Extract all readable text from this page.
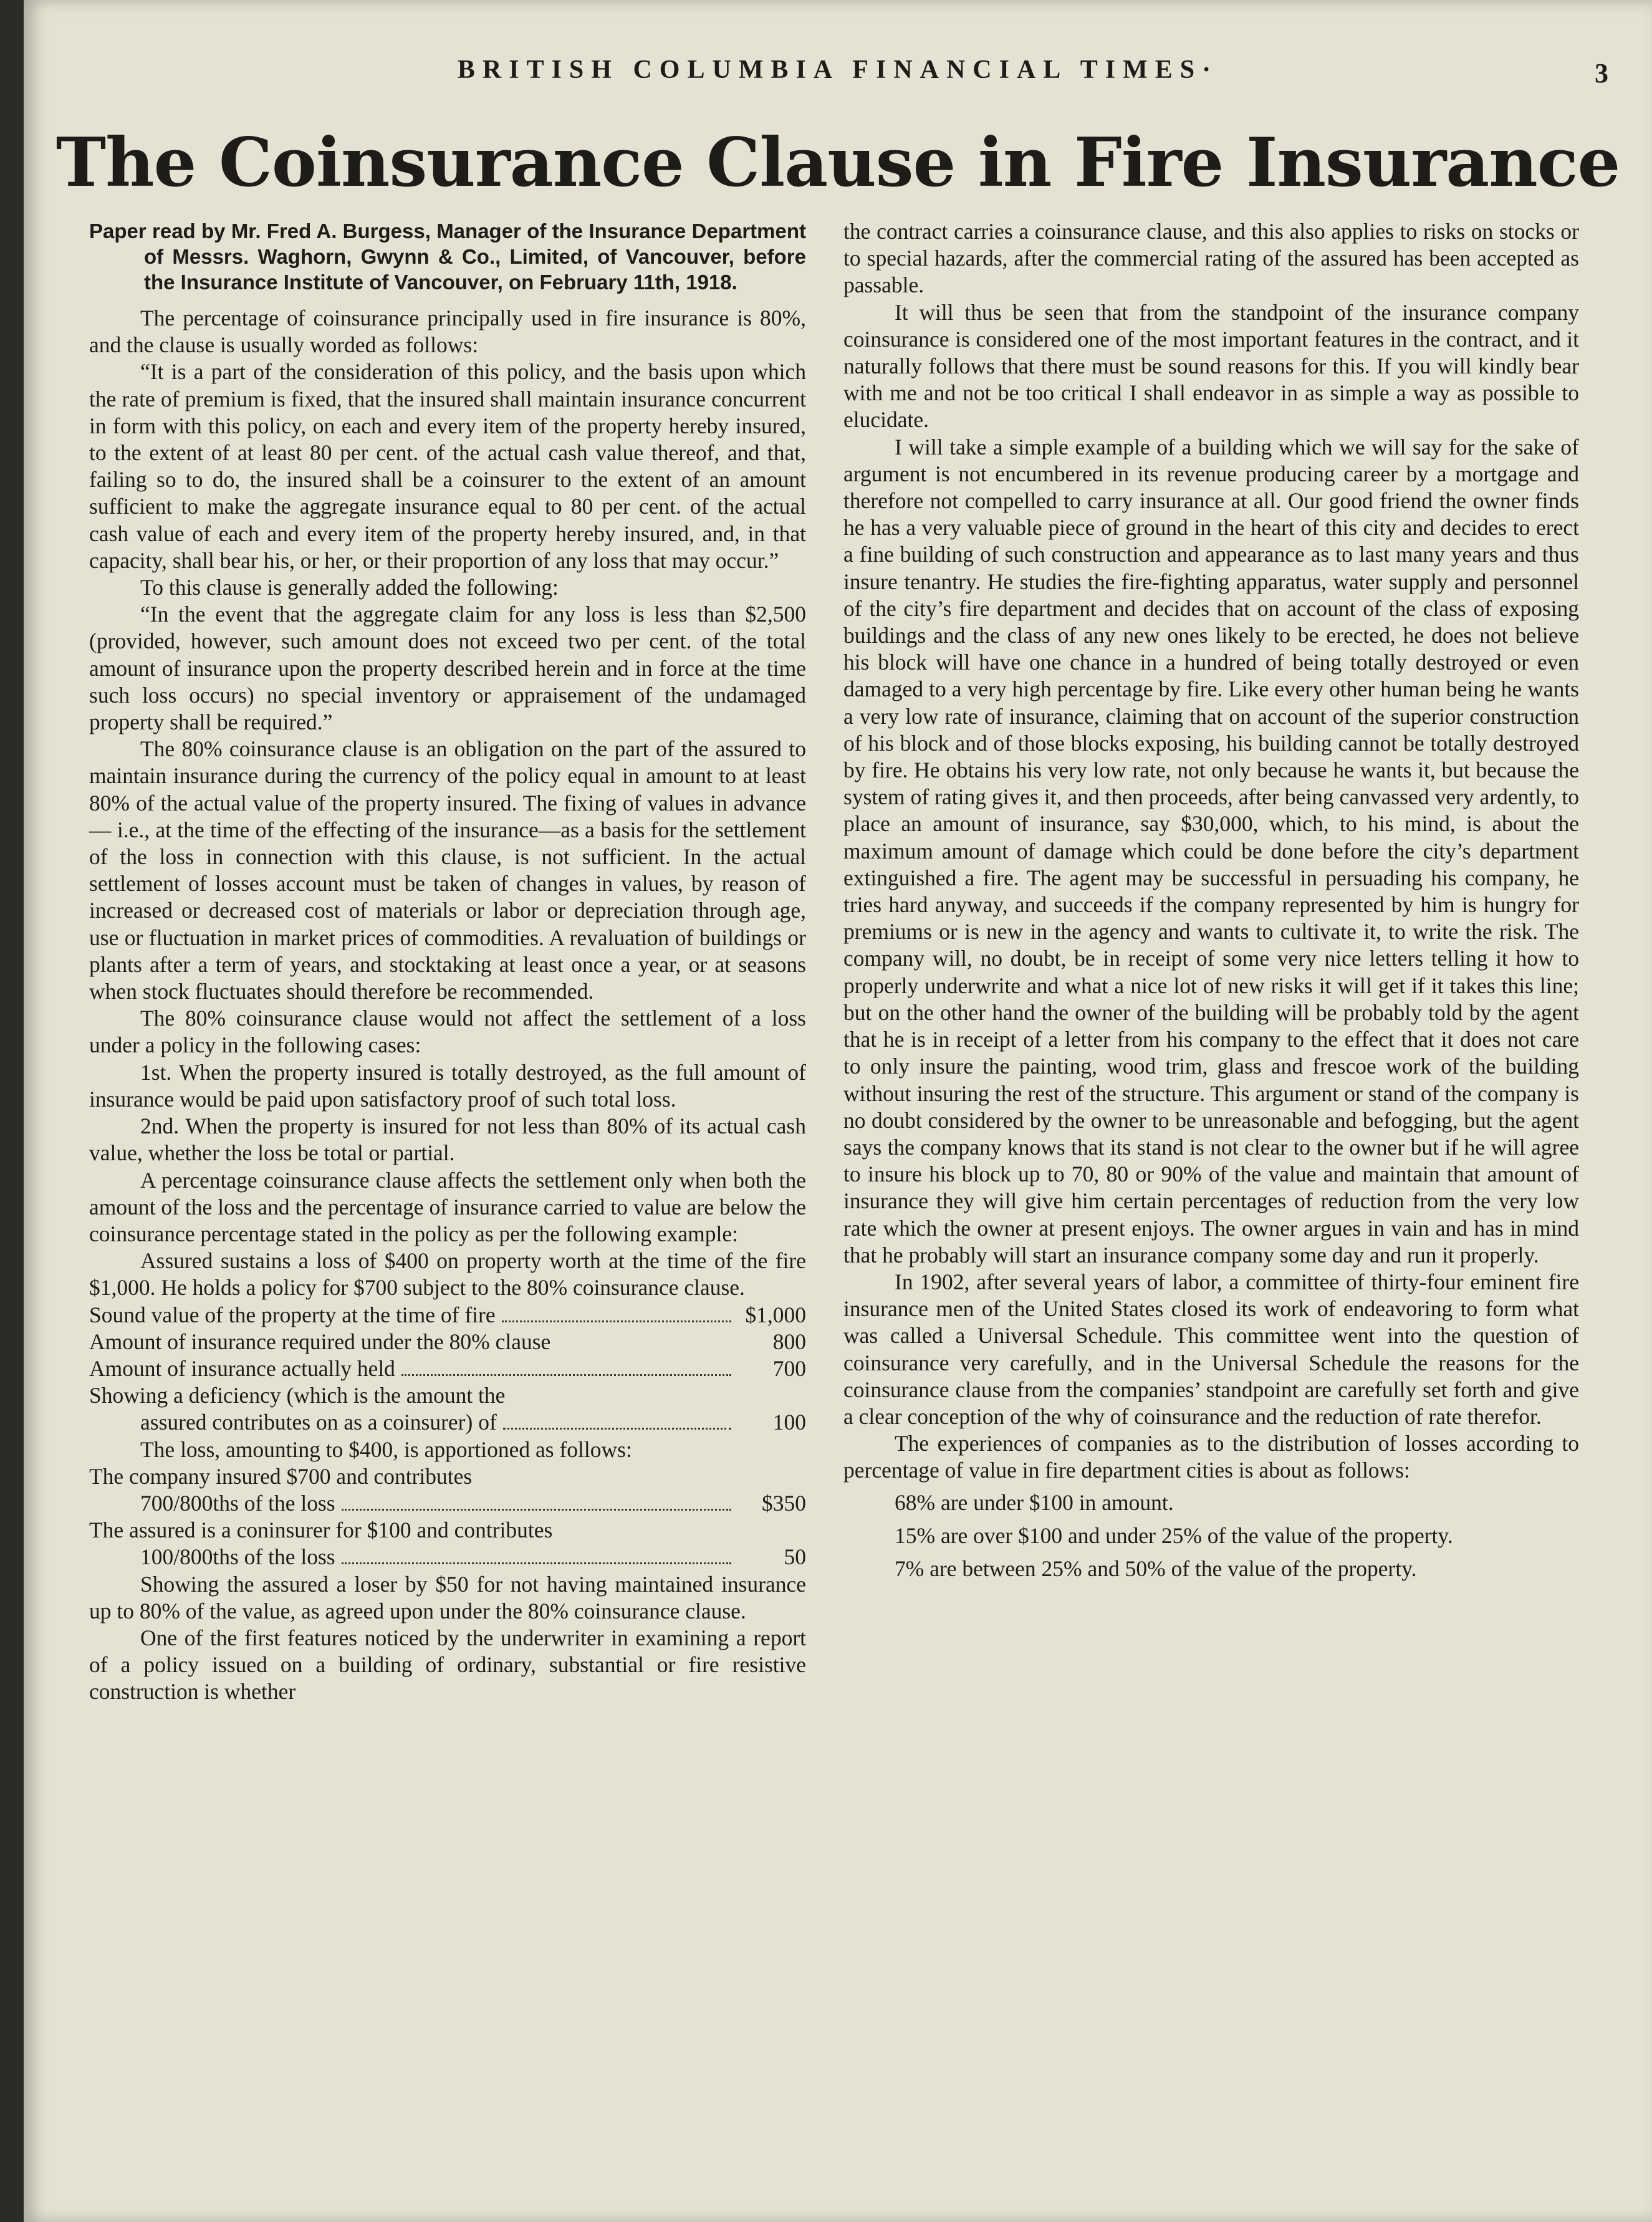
BRITISH COLUMBIA FINANCIAL TIMES·	3
The Coinsurance Clause in Fire Insurance
Paper read by Mr. Fred A. Burgess, Manager of the Insurance Department of Messrs. Waghorn, Gwynn & Co., Limited, of Vancouver, before the Insurance Institute of Vancouver, on February 11th, 1918.

The percentage of coinsurance principally used in fire insurance is 80%, and the clause is usually worded as follows:

“It is a part of the consideration of this policy, and the basis upon which the rate of premium is fixed, that the insured shall maintain insurance concurrent in form with this policy, on each and every item of the property hereby insured, to the extent of at least 80 per cent. of the actual cash value thereof, and that, failing so to do, the insured shall be a coinsurer to the extent of an amount sufficient to make the aggregate insurance equal to 80 per cent. of the actual cash value of each and every item of the property hereby insured, and, in that capacity, shall bear his, or her, or their proportion of any loss that may occur.”

To this clause is generally added the following:

“In the event that the aggregate claim for any loss is less than $2,500 (provided, however, such amount does not exceed two per cent. of the total amount of insurance upon the property described herein and in force at the time such loss occurs) no special inventory or appraisement of the undamaged property shall be required.”

The 80% coinsurance clause is an obligation on the part of the assured to maintain insurance during the currency of the policy equal in amount to at least 80% of the actual value of the property insured. The fixing of values in advance— i.e., at the time of the effecting of the insurance—as a basis for the settlement of the loss in connection with this clause, is not sufficient. In the actual settlement of losses account must be taken of changes in values, by reason of increased or decreased cost of materials or labor or depreciation through age, use or fluctuation in market prices of commodities. A revaluation of buildings or plants after a term of years, and stocktaking at least once a year, or at seasons when stock fluctuates should therefore be recommended.

The 80% coinsurance clause would not affect the settlement of a loss under a policy in the following cases:

1st. When the property insured is totally destroyed, as the full amount of insurance would be paid upon satisfactory proof of such total loss.

2nd. When the property is insured for not less than 80% of its actual cash value, whether the loss be total or partial.

A percentage coinsurance clause affects the settlement only when both the amount of the loss and the percentage of insurance carried to value are below the coinsurance percentage stated in the policy as per the following example:

Assured sustains a loss of $400 on property worth at the time of the fire $1,000. He holds a policy for $700 subject to the 80% coinsurance clause.

Sound value of the property at the time of fire	$1,000
Amount of insurance required under the 80% clause	800
Amount of insurance actually held	700
Showing a deficiency (which is the amount the
assured contributes on as a coinsurer) of	100
The loss, amounting to $400, is apportioned as follows:
The company insured $700 and contributes
700/800ths of the loss	$350
The assured is a coninsurer for $100 and contributes
100/800ths of the loss	50

Showing the assured a loser by $50 for not having maintained insurance up to 80% of the value, as agreed upon under the 80% coinsurance clause.

One of the first features noticed by the underwriter in examining a report of a policy issued on a building of ordinary, substantial or fire resistive construction is whether

the contract carries a coinsurance clause, and this also applies to risks on stocks or to special hazards, after the commercial rating of the assured has been accepted as passable.

It will thus be seen that from the standpoint of the insurance company coinsurance is considered one of the most important features in the contract, and it naturally follows that there must be sound reasons for this. If you will kindly bear with me and not be too critical I shall endeavor in as simple a way as possible to elucidate.

I will take a simple example of a building which we will say for the sake of argument is not encumbered in its revenue producing career by a mortgage and therefore not compelled to carry insurance at all. Our good friend the owner finds he has a very valuable piece of ground in the heart of this city and decides to erect a fine building of such construction and appearance as to last many years and thus insure tenantry. He studies the fire-fighting apparatus, water supply and personnel of the city’s fire department and decides that on account of the class of exposing buildings and the class of any new ones likely to be erected, he does not believe his block will have one chance in a hundred of being totally destroyed or even damaged to a very high percentage by fire. Like every other human being he wants a very low rate of insurance, claiming that on account of the superior construction of his block and of those blocks exposing, his building cannot be totally destroyed by fire. He obtains his very low rate, not only because he wants it, but because the system of rating gives it, and then proceeds, after being canvassed very ardently, to place an amount of insurance, say $30,000, which, to his mind, is about the maximum amount of damage which could be done before the city’s department extinguished a fire. The agent may be successful in persuading his company, he tries hard anyway, and succeeds if the company represented by him is hungry for premiums or is new in the agency and wants to cultivate it, to write the risk. The company will, no doubt, be in receipt of some very nice letters telling it how to properly underwrite and what a nice lot of new risks it will get if it takes this line; but on the other hand the owner of the building will be probably told by the agent that he is in receipt of a letter from his company to the effect that it does not care to only insure the painting, wood trim, glass and frescoe work of the building without insuring the rest of the structure. This argument or stand of the company is no doubt considered by the owner to be unreasonable and befogging, but the agent says the company knows that its stand is not clear to the owner but if he will agree to insure his block up to 70, 80 or 90% of the value and maintain that amount of insurance they will give him certain percentages of reduction from the very low rate which the owner at present enjoys. The owner argues in vain and has in mind that he probably will start an insurance company some day and run it properly.

In 1902, after several years of labor, a committee of thirty-four eminent fire insurance men of the United States closed its work of endeavoring to form what was called a Universal Schedule. This committee went into the question of coinsurance very carefully, and in the Universal Schedule the reasons for the coinsurance clause from the companies’ standpoint are carefully set forth and give a clear conception of the why of coinsurance and the reduction of rate therefor.

The experiences of companies as to the distribution of losses according to percentage of value in fire department cities is about as follows:

68% are under $100 in amount.
15% are over $100 and under 25% of the value of the property.
7% are between 25% and 50% of the value of the property.
